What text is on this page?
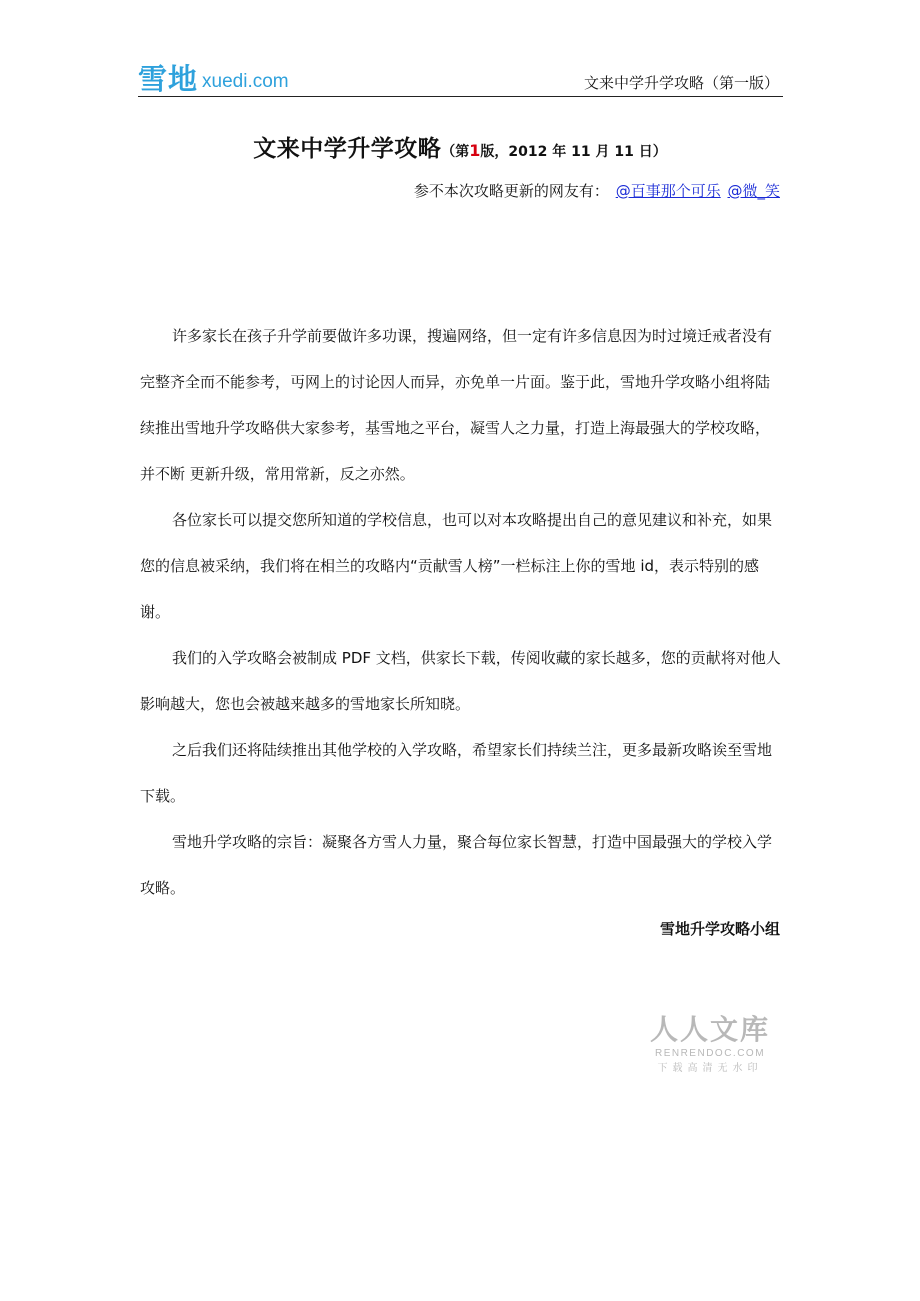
雪地 xuedi.com	文来中学升学攻略（第一版）
文来中学升学攻略（第1版，2012 年 11 月 11 日）
参不本次攻略更新的网友有： @百事那个可乐 @微_笑

许多家长在孩子升学前要做许多功课，搜遍网络，但一定有许多信息因为时过境迁戒者没有完整齐全而不能参考，丏网上的讨论因人而异，亦免单一片面。鉴于此，雪地升学攻略小组将陆续推出雪地升学攻略供大家参考，基雪地之平台，凝雪人之力量，打造上海最强大的学校攻略，并不断 更新升级，常用常新，反之亦然。

各位家长可以提交您所知道的学校信息，也可以对本攻略提出自己的意见建议和补充，如果您的信息被采纳，我们将在相兰的攻略内“贡献雪人榜”一栏标注上你的雪地 id，表示特别的感谢。

我们的入学攻略会被制成 PDF 文档，供家长下载，传阅收藏的家长越多，您的贡献将对他人影响越大，您也会被越来越多的雪地家长所知晓。

之后我们还将陆续推出其他学校的入学攻略，希望家长们持续兰注，更多最新攻略诶至雪地下载。

雪地升学攻略的宗旨：凝聚各方雪人力量，聚合每位家长智慧，打造中国最强大的学校入学攻略。

雪地升学攻略小组
人人文库
RENRENDOC.COM
下载高清无水印
